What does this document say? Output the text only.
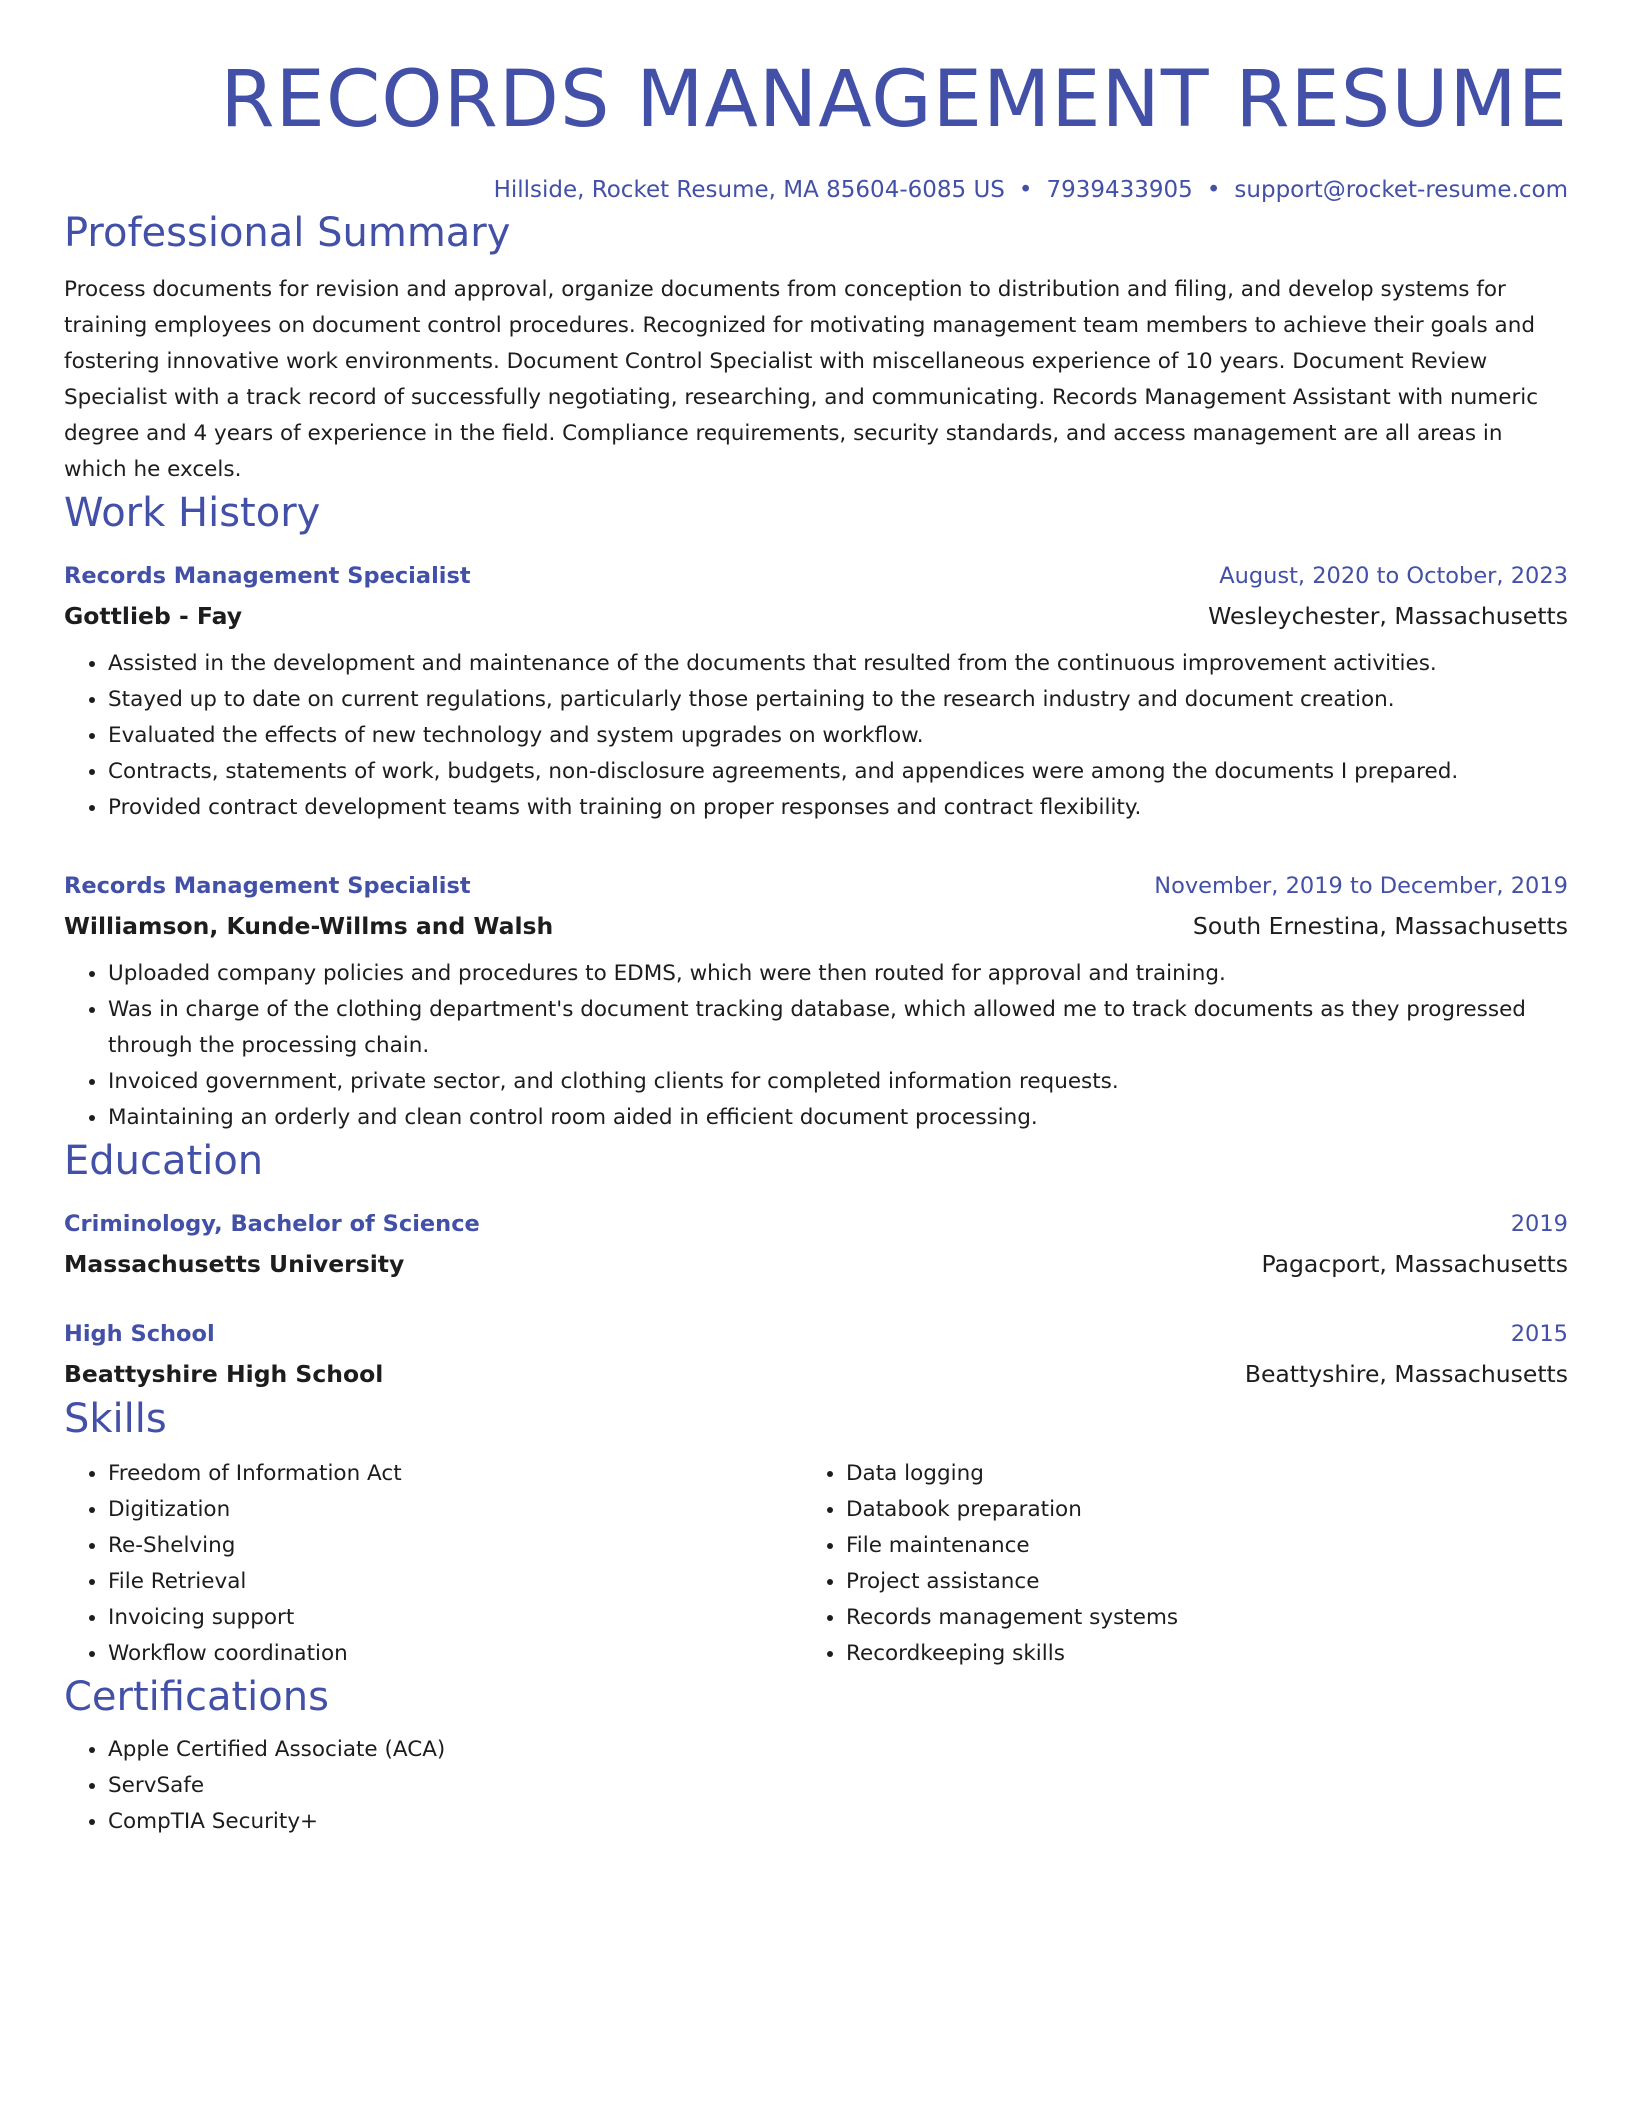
RECORDS MANAGEMENT RESUME
Hillside, Rocket Resume, MA 85604-6085 US • 7939433905 • support@rocket-resume.com
Professional Summary
Process documents for revision and approval, organize documents from conception to distribution and filing, and develop systems for training employees on document control procedures. Recognized for motivating management team members to achieve their goals and fostering innovative work environments. Document Control Specialist with miscellaneous experience of 10 years. Document Review Specialist with a track record of successfully negotiating, researching, and communicating. Records Management Assistant with numeric degree and 4 years of experience in the field. Compliance requirements, security standards, and access management are all areas in which he excels.
Work History
Records Management Specialist	August, 2020 to October, 2023
Gottlieb - Fay	Wesleychester, Massachusetts
• Assisted in the development and maintenance of the documents that resulted from the continuous improvement activities.
• Stayed up to date on current regulations, particularly those pertaining to the research industry and document creation.
• Evaluated the effects of new technology and system upgrades on workflow.
• Contracts, statements of work, budgets, non-disclosure agreements, and appendices were among the documents I prepared.
• Provided contract development teams with training on proper responses and contract flexibility.
Records Management Specialist	November, 2019 to December, 2019
Williamson, Kunde-Willms and Walsh	South Ernestina, Massachusetts
• Uploaded company policies and procedures to EDMS, which were then routed for approval and training.
• Was in charge of the clothing department's document tracking database, which allowed me to track documents as they progressed through the processing chain.
• Invoiced government, private sector, and clothing clients for completed information requests.
• Maintaining an orderly and clean control room aided in efficient document processing.
Education
Criminology, Bachelor of Science	2019
Massachusetts University	Pagacport, Massachusetts
High School	2015
Beattyshire High School	Beattyshire, Massachusetts
Skills
• Freedom of Information Act
• Digitization
• Re-Shelving
• File Retrieval
• Invoicing support
• Workflow coordination
• Data logging
• Databook preparation
• File maintenance
• Project assistance
• Records management systems
• Recordkeeping skills
Certifications
• Apple Certified Associate (ACA)
• ServSafe
• CompTIA Security+
